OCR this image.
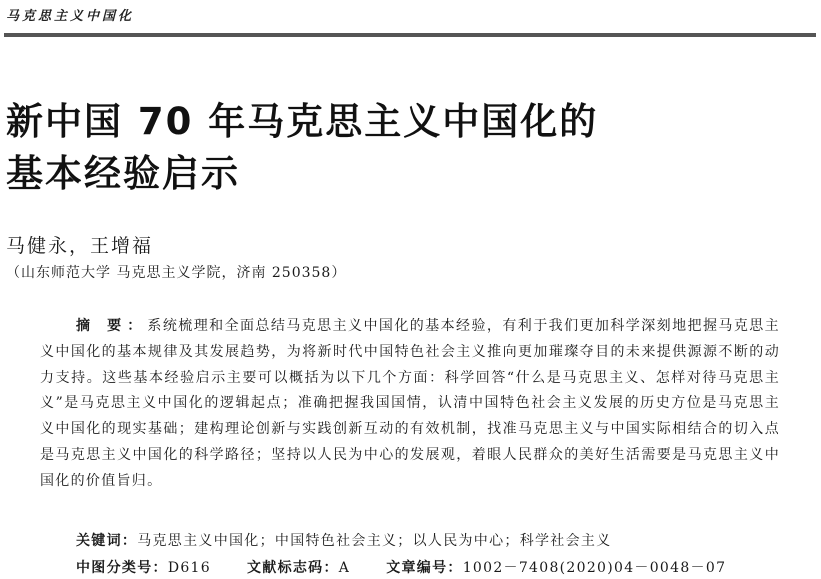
马克思主义中国化
新中国 70 年马克思主义中国化的
基本经验启示
马健永，王增福
（山东师范大学 马克思主义学院，济南 250358）

摘 要：系统梳理和全面总结马克思主义中国化的基本经验，有利于我们更加科学深刻地把握马克思主义中国化的基本规律及其发展趋势，为将新时代中国特色社会主义推向更加璀璨夺目的未来提供源源不断的动力支持。这些基本经验启示主要可以概括为以下几个方面：科学回答“什么是马克思主义、怎样对待马克思主义”是马克思主义中国化的逻辑起点；准确把握我国国情，认清中国特色社会主义发展的历史方位是马克思主义中国化的现实基础；建构理论创新与实践创新互动的有效机制，找准马克思主义与中国实际相结合的切入点是马克思主义中国化的科学路径；坚持以人民为中心的发展观，着眼人民群众的美好生活需要是马克思主义中国化的价值旨归。

关键词：马克思主义中国化；中国特色社会主义；以人民为中心；科学社会主义
中图分类号：D616	文献标志码：A	文章编号：1002－7408(2020)04－0048－07
